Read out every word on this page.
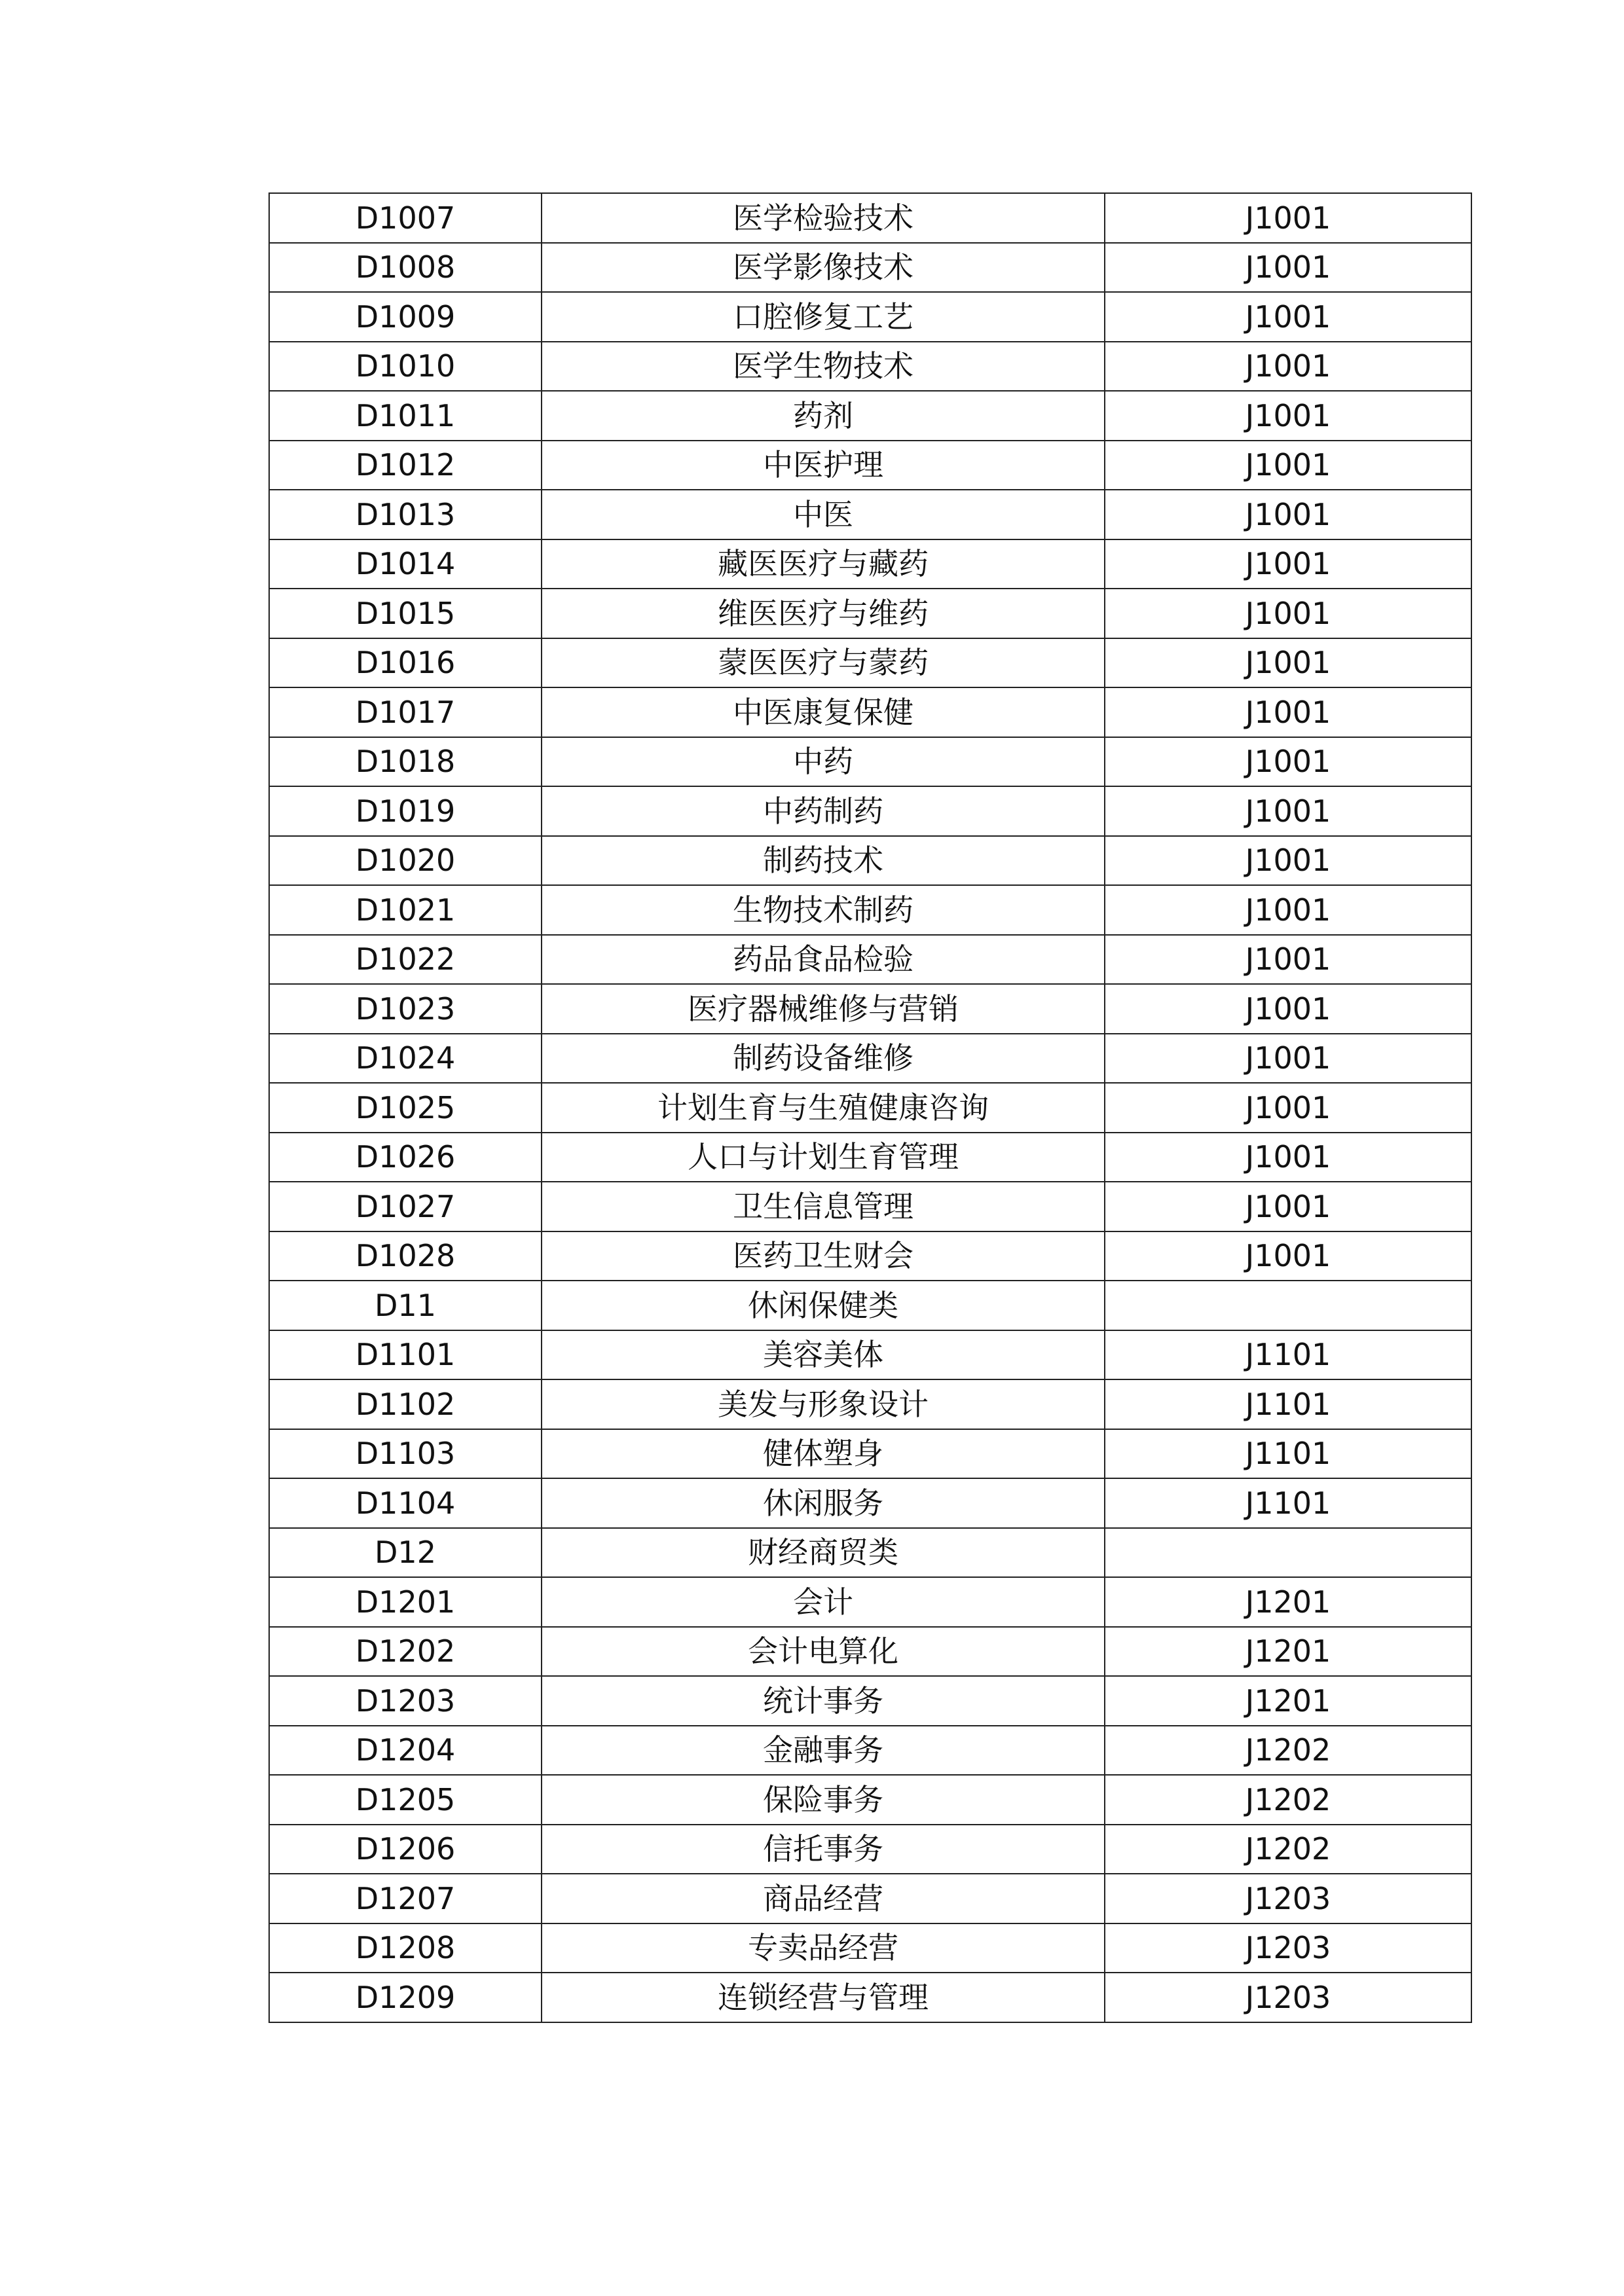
D1007	医学检验技术	J1001
D1008	医学影像技术	J1001
D1009	口腔修复工艺	J1001
D1010	医学生物技术	J1001
D1011	药剂	J1001
D1012	中医护理	J1001
D1013	中医	J1001
D1014	藏医医疗与藏药	J1001
D1015	维医医疗与维药	J1001
D1016	蒙医医疗与蒙药	J1001
D1017	中医康复保健	J1001
D1018	中药	J1001
D1019	中药制药	J1001
D1020	制药技术	J1001
D1021	生物技术制药	J1001
D1022	药品食品检验	J1001
D1023	医疗器械维修与营销	J1001
D1024	制药设备维修	J1001
D1025	计划生育与生殖健康咨询	J1001
D1026	人口与计划生育管理	J1001
D1027	卫生信息管理	J1001
D1028	医药卫生财会	J1001
D11	休闲保健类	
D1101	美容美体	J1101
D1102	美发与形象设计	J1101
D1103	健体塑身	J1101
D1104	休闲服务	J1101
D12	财经商贸类	
D1201	会计	J1201
D1202	会计电算化	J1201
D1203	统计事务	J1201
D1204	金融事务	J1202
D1205	保险事务	J1202
D1206	信托事务	J1202
D1207	商品经营	J1203
D1208	专卖品经营	J1203
D1209	连锁经营与管理	J1203
